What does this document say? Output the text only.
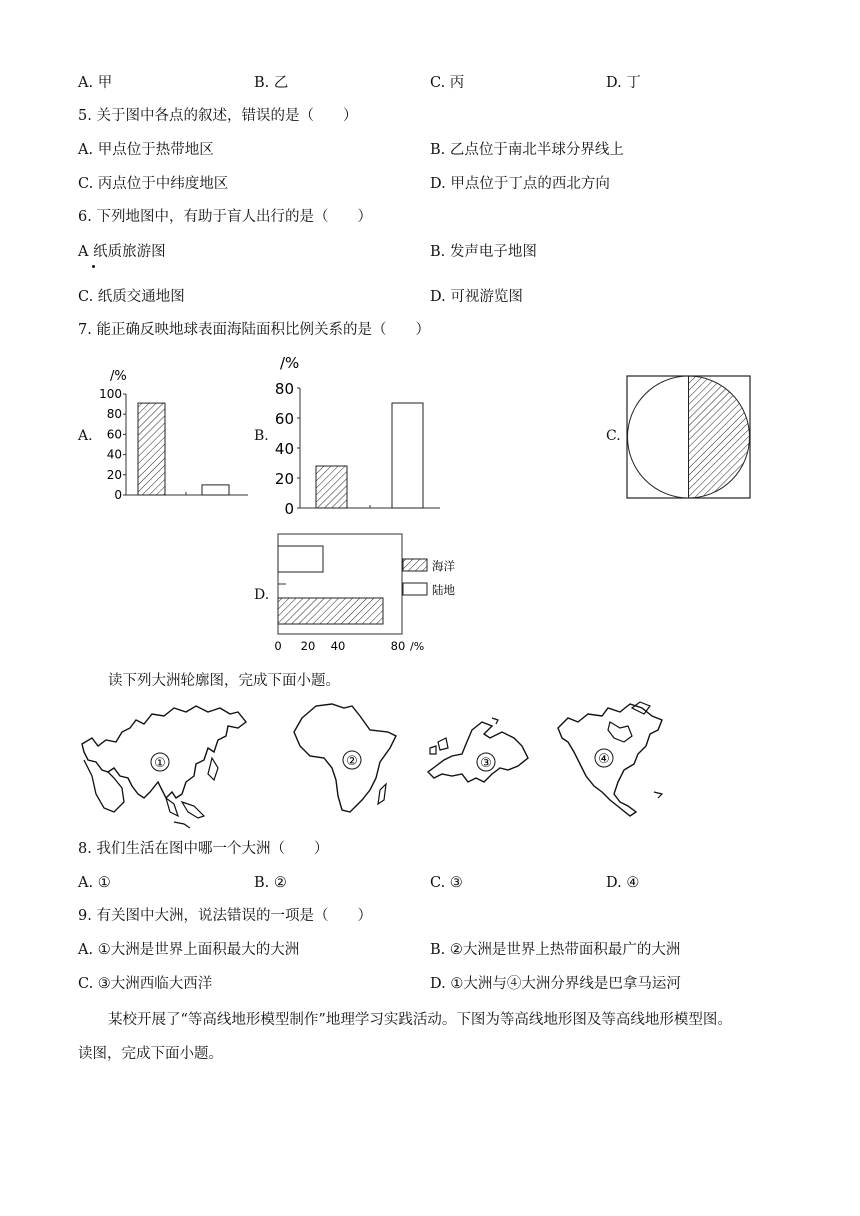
A. 甲	B. 乙	C. 丙	D. 丁
5. 关于图中各点的叙述，错误的是（　　）
A. 甲点位于热带地区	B. 乙点位于南北半球分界线上
C. 丙点位于中纬度地区	D. 甲点位于丁点的西北方向
6. 下列地图中，有助于盲人出行的是（　　）
A 纸质旅游图	B. 发声电子地图
C. 纸质交通地图	D. 可视游览图
7. 能正确反映地球表面海陆面积比例关系的是（　　）
A.	B.	C.
D.
/%
100
80
60
40
20
0
/%
80
60
40
20
0
0 20 40	80 /%
海洋
陆地
读下列大洲轮廓图，完成下面小题。
①	②	③	④
8. 我们生活在图中哪一个大洲（　　）
A. ①	B. ②	C. ③	D. ④
9. 有关图中大洲，说法错误的一项是（　　）
A. ①大洲是世界上面积最大的大洲	B. ②大洲是世界上热带面积最广的大洲
C. ③大洲西临大西洋	D. ①大洲与④大洲分界线是巴拿马运河
某校开展了“等高线地形模型制作”地理学习实践活动。下图为等高线地形图及等高线地形模型图。
读图，完成下面小题。
